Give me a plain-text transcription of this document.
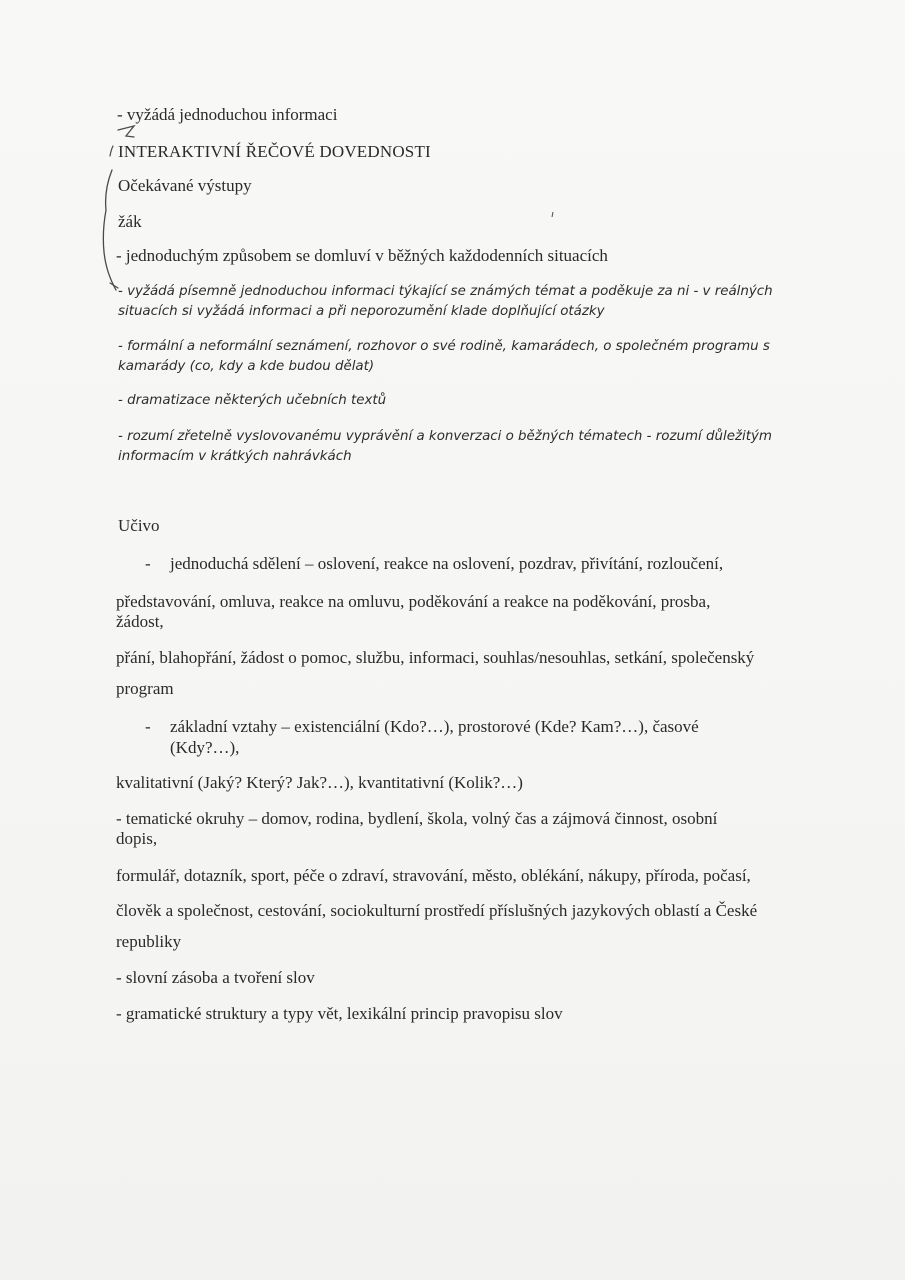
- vyžádá jednoduchou informaci
INTERAKTIVNÍ ŘEČOVÉ DOVEDNOSTI
Očekávané výstupy
žák
- jednoduchým způsobem se domluví v běžných každodenních situacích
- vyžádá písemně jednoduchou informaci týkající se známých témat a poděkuje za ni - v reálných
situacích si vyžádá informaci a při neporozumění klade doplňující otázky
- formální a neformální seznámení, rozhovor o své rodině, kamarádech, o společném programu s
kamarády (co, kdy a kde budou dělat)
- dramatizace některých učebních textů
- rozumí zřetelně vyslovovanému vyprávění a konverzaci o běžných tématech - rozumí důležitým
informacím v krátkých nahrávkách
Učivo
- jednoduchá sdělení – oslovení, reakce na oslovení, pozdrav, přivítání, rozloučení,
představování, omluva, reakce na omluvu, poděkování a reakce na poděkování, prosba,
žádost,
přání, blahopřání, žádost o pomoc, službu, informaci, souhlas/nesouhlas, setkání, společenský
program
- základní vztahy – existenciální (Kdo?…), prostorové (Kde? Kam?…), časové
(Kdy?…),
kvalitativní (Jaký? Který? Jak?…), kvantitativní (Kolik?…)
- tematické okruhy – domov, rodina, bydlení, škola, volný čas a zájmová činnost, osobní
dopis,
formulář, dotazník, sport, péče o zdraví, stravování, město, oblékání, nákupy, příroda, počasí,
člověk a společnost, cestování, sociokulturní prostředí příslušných jazykových oblastí a České
republiky
- slovní zásoba a tvoření slov
- gramatické struktury a typy vět, lexikální princip pravopisu slov
